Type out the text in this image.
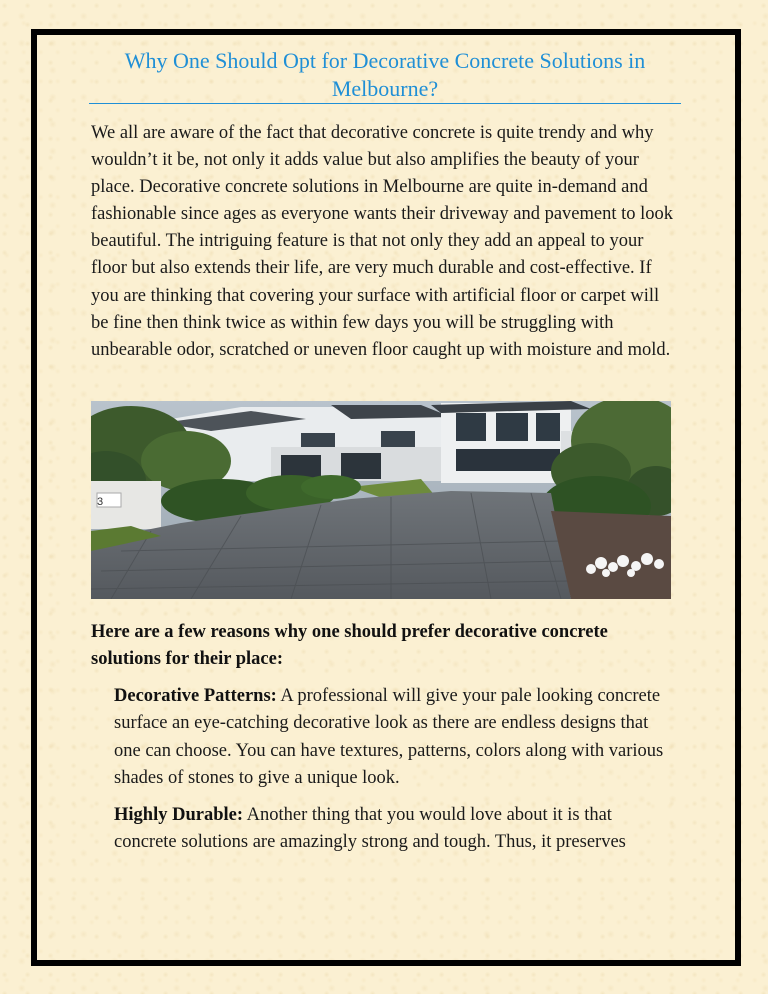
Why One Should Opt for Decorative Concrete Solutions in Melbourne?

We all are aware of the fact that decorative concrete is quite trendy and why wouldn’t it be, not only it adds value but also amplifies the beauty of your place. Decorative concrete solutions in Melbourne are quite in-demand and fashionable since ages as everyone wants their driveway and pavement to look beautiful. The intriguing feature is that not only they add an appeal to your floor but also extends their life, are very much durable and cost-effective. If you are thinking that covering your surface with artificial floor or carpet will be fine then think twice as within few days you will be struggling with unbearable odor, scratched or uneven floor caught up with moisture and mold.

3

Here are a few reasons why one should prefer decorative concrete solutions for their place:

Decorative Patterns: A professional will give your pale looking concrete surface an eye-catching decorative look as there are endless designs that one can choose. You can have textures, patterns, colors along with various shades of stones to give a unique look.

Highly Durable: Another thing that you would love about it is that concrete solutions are amazingly strong and tough. Thus, it preserves
